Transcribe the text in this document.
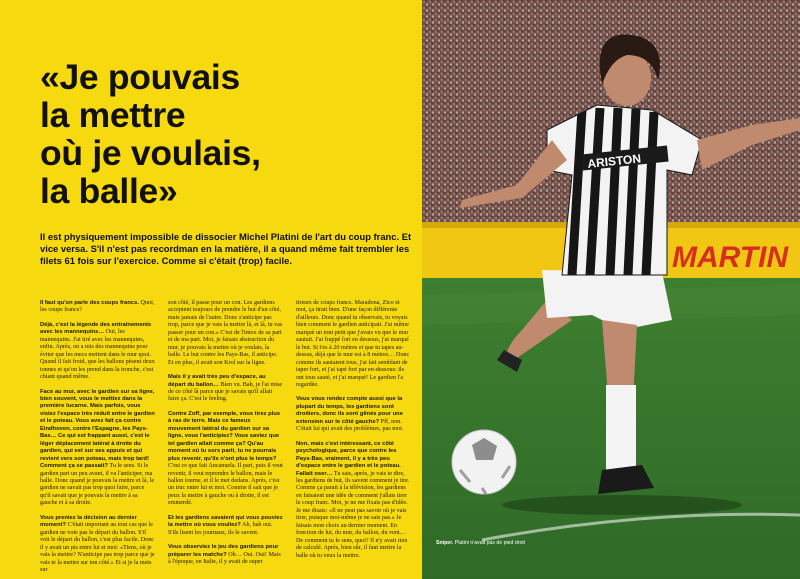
«Je pouvais
la mettre
où je voulais,
la balle»

Il est physiquement impossible de dissocier Michel Platini de l'art du coup franc. Et vice versa. S'il n'est pas recordman en la matière, il a quand même fait trembler les filets 61 fois sur l'exercice. Comme si c'était (trop) facile.

Il faut qu'on parle des coups francs. Quoi, les coups francs?

Déjà, c'est la légende des entraînements avec les mannequins… Oui, les mannequins. J'ai tiré avec les mannequins, enfin. Après, on a mis des mannequins pour éviter que les mecs mettent dans le mur quoi. Quand il fait froid, que les ballons pèsent deux tonnes et qu'on les prend dans la tronche, c'est chiant quand même.

Face au mur, avec le gardien sur sa ligne, bien souvent, vous le mettiez dans la première lucarne. Mais parfois, vous visiez l'espace très réduit entre le gardien et le poteau. Vous avez fait ça contre Eindhoven, contre l'Espagne, les Pays-Bas… Ce qui est frappant aussi, c'est le léger déplacement latéral à droite du gardien, qui est sur ses appuis et qui revient vers son poteau, mais trop tard! Comment ça se passait? Tu le sens. Si le gardien part un peu avant, il va l'anticiper, ma balle. Donc quand je pouvais la mettre et là, le gardien ne savait pas trop quoi faire, parce qu'il savait que je pouvais la mettre à sa gauche et à sa droite.

Vous preniez la décision au dernier moment? C'était important au tout cas que le gardien ne voie pas le départ du ballon. S'il voit le départ du ballon, c'est plus facile. Donc il y avait un pis entre lui et moi: «Tiens, où je vais la mettre? N'anticipe pas trop parce que je vais te la mettre sur ton côté.» Et si je la mets sur

son côté, il passe pour un con. Les gardiens acceptent toujours de prendre le but d'un côté, mais jamais de l'autre. Donc s'anticipe pas trop, parce que je vais la mettre là, et là, tu vas passer pour un con.» C'est de l'intox de sa part et de ma part. Moi, je faisais abstraction du mur, je pouvais la mettre où je voulais, la balle. Le but contre les Pays-Bas, il anticipe. Et en plus, il avait son Krol sur la ligne.

Mais il y avait très peu d'espace, au départ du ballon… Bien vu. Bah, je l'ai mise de ce côté là parce que je savais qu'il allait faire ça. C'est le feeling.

Contre Zoff, par exemple, vous tirez plus à ras de terre. Mais ce fameux mouvement latéral du gardien sur sa ligne, vous l'anticipiez? Vous saviez que tel gardien allait comme ça? Qu'au moment où tu sors parti, tu ne pourrais plus revenir, qu'ils n'ont plus le temps? C'est ce que fait Ancanuela. Il part, puis il veut revenir, il veut reprendre le ballon, mais le ballon tourne, et il le met dedans. Après, c'est un truc entre lui et moi. Comme il sait que je peux la mettre à gauche ou à droite, il est emmerdé.

Et les gardiens savaient qui vous pouviez la mettre où vous vouliez? Ah, bah oui. S'ils lisent les journaux, ils le savent.

Vous observiez le jeu des gardiens pour préparer les matchs? Oh… Oui. Oui! Mais à l'époque, en Italie, il y avait de super

tireurs de coups francs. Maradona, Zico et moi, ça tirait bien. D'une façon différente d'ailleurs. Donc quand tu observais, tu voyais bien comment le gardien anticipait. J'ai même marqué un tout petit que j'avais vu que le mur sautait. J'ai frappé fort en dessous, j'ai marqué le but. Si t'es à 20 mètres et que tu tapes au-dessus, déjà que le mur est à 8 mètres… Donc comme ils sautaient tous, j'ai fait semblant de taper fort, et j'ai tapé fort par en-dessous: ils ont tous sauté, et j'ai marqué! Le gardien l'a regardée.

Vous vous rendez compte aussi que la plupart du temps, les gardiens sont droitiers, donc ils sont gênés pour une extension sur le côté gauche? Pff, non. C'était lui qui avait des problèmes, pas moi.

Non, mais c'est intéressant, ce côté psychologique, parce que contre les Pays-Bas, vraiment, il y a très peu d'espace entre le gardien et le poteau. Fallait oser… Tu sais, après, je vais te dire, les gardiens de but, ils savent comment je tire. Comme ça parait à la télévision, les gardiens en faisaient une idée de comment j'allais tirer le coup franc. Moi, je ne me fixais pas d'idée. Je me disais: «Il ne peut pas savoir où je vais tirer, puisque moi-même je ne sais pas.» Je faisais mon choix au dernier moment. En fonction de lui, du mur, du ballon, du vent… De comment tu le sens, quoi? Il n'y avait rien de calculé. Après, bien sûr, il faut mettre la balle où tu veux la mettre.

MARTIN
ARISTON
Sniper. Platini n'avait pas de pied droit
